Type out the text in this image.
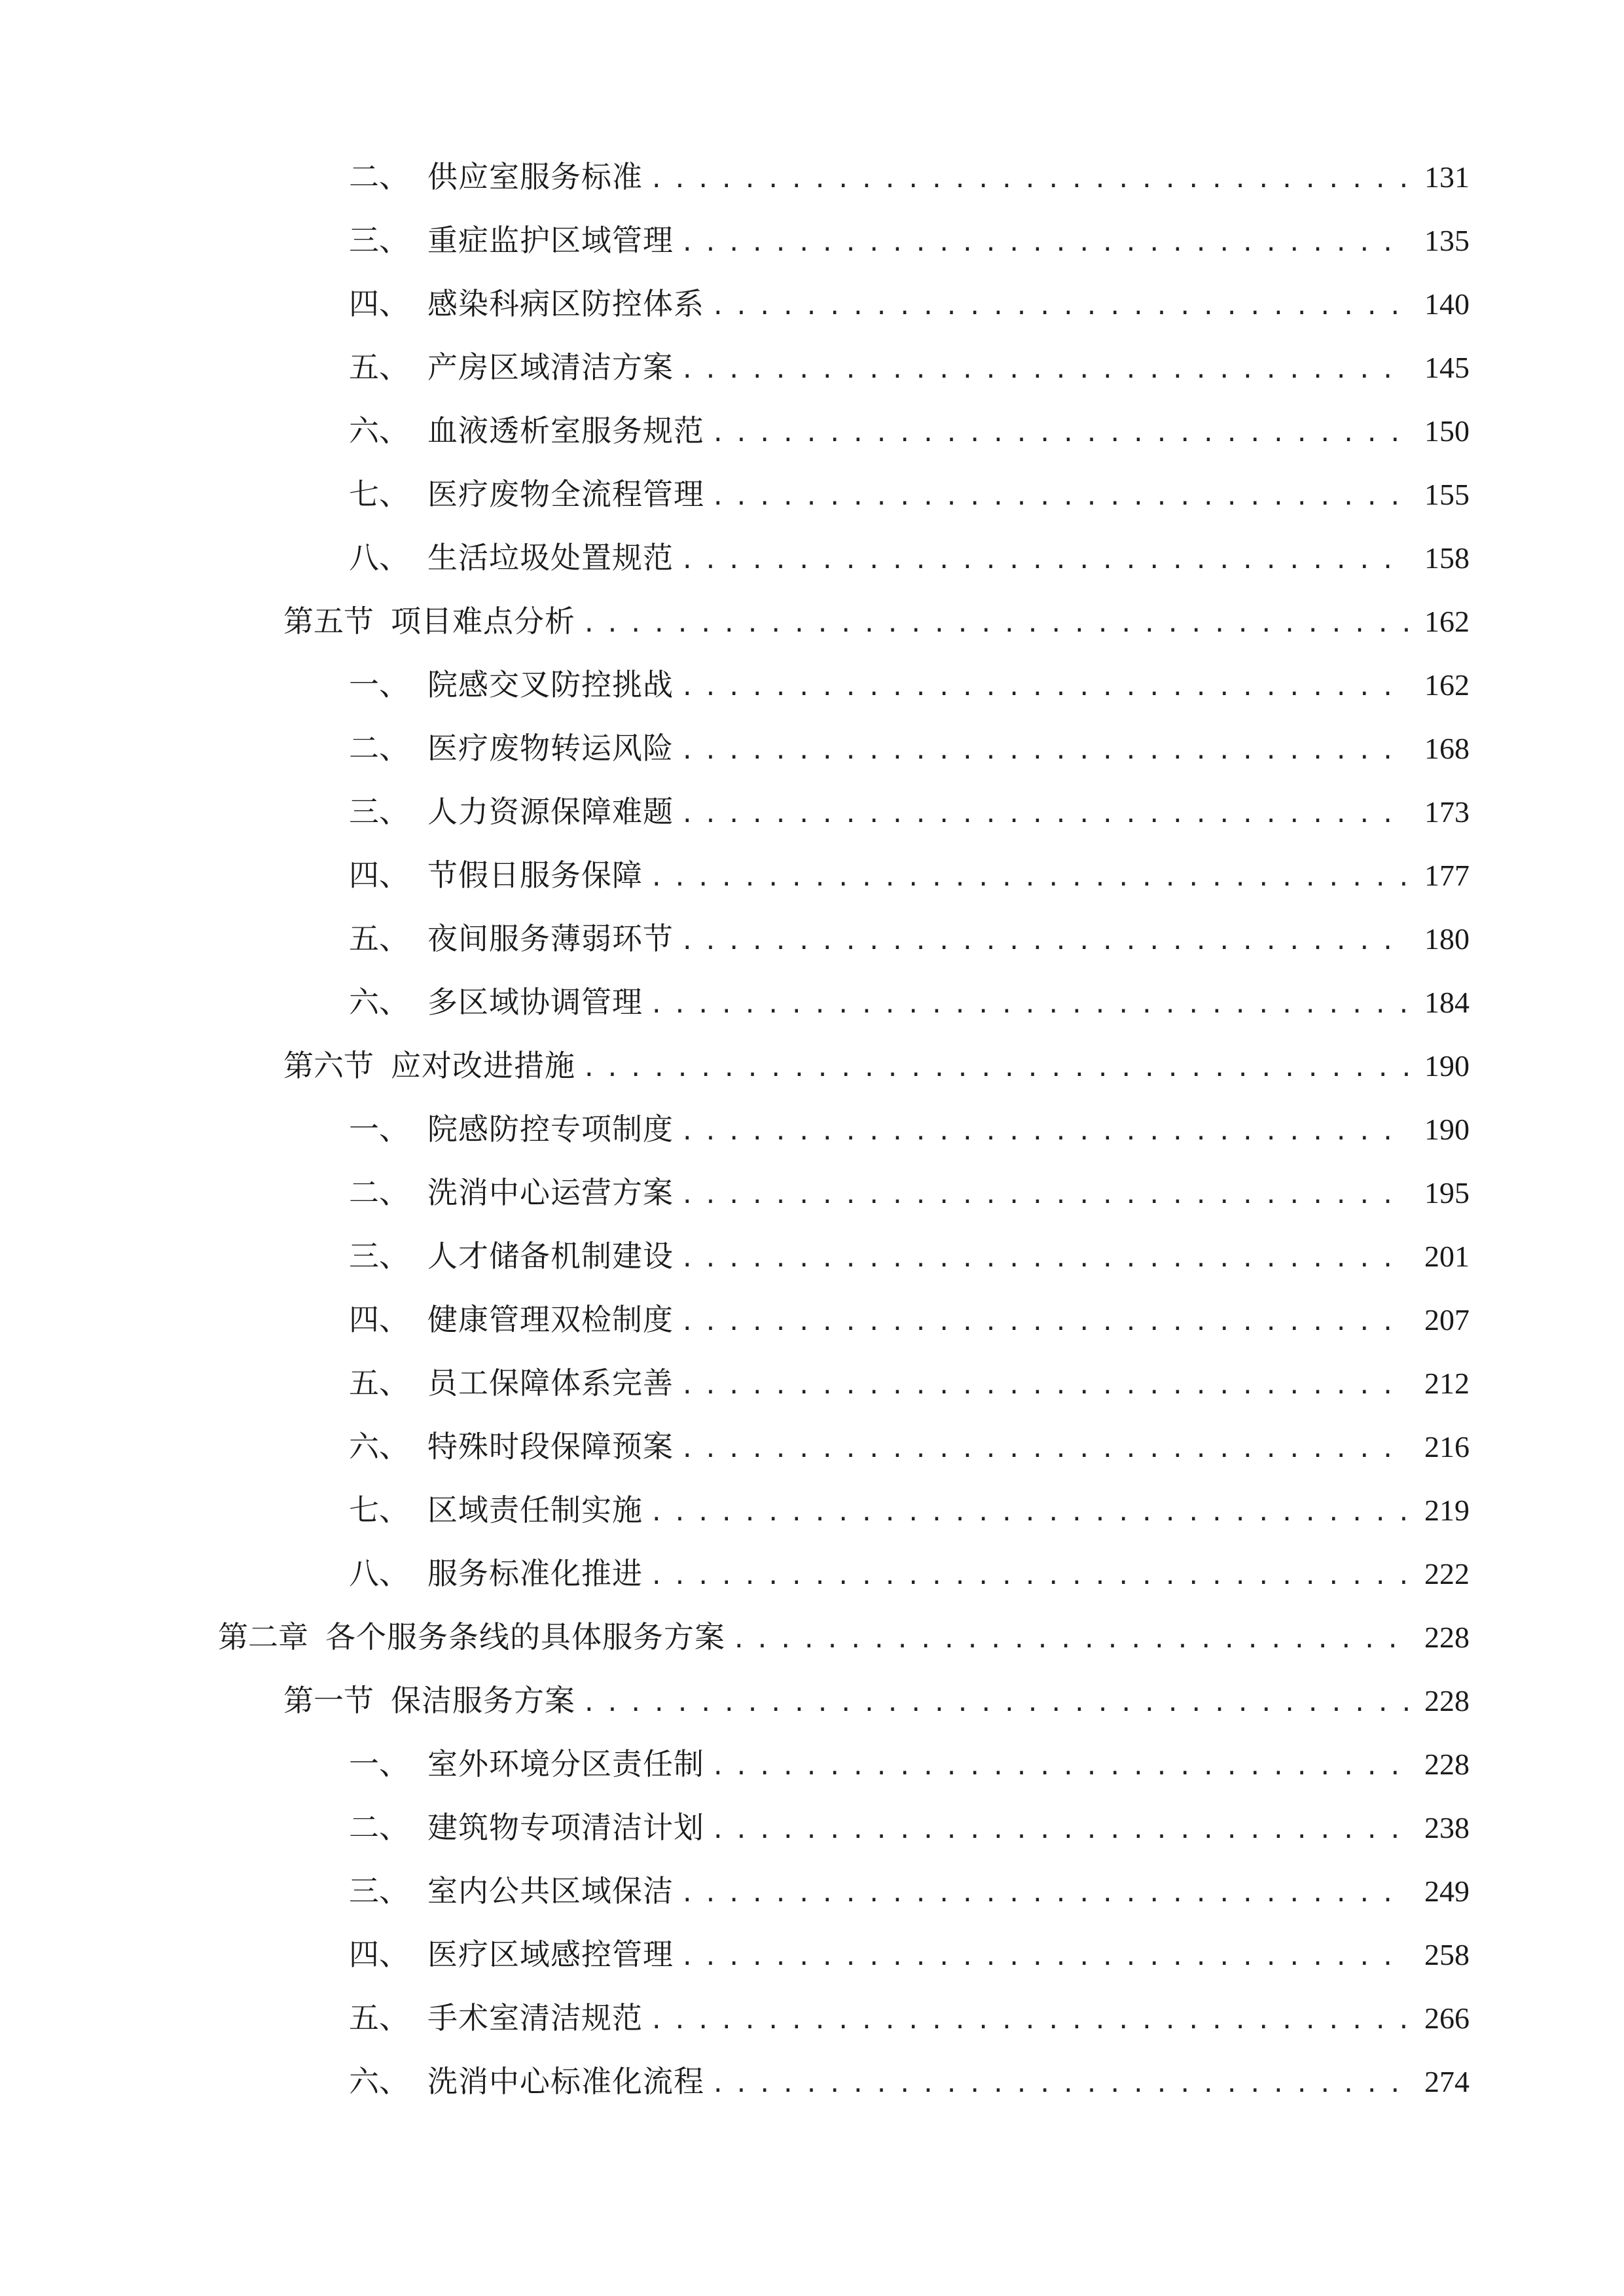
二、 供应室服务标准 .....	131
三、 重症监护区域管理 .....	135
四、 感染科病区防控体系 .....	140
五、 产房区域清洁方案 .....	145
六、 血液透析室服务规范 .....	150
七、 医疗废物全流程管理 .....	155
八、 生活垃圾处置规范 .....	158
第五节 项目难点分析 .....	162
一、 院感交叉防控挑战 .....	162
二、 医疗废物转运风险 .....	168
三、 人力资源保障难题 .....	173
四、 节假日服务保障 .....	177
五、 夜间服务薄弱环节 .....	180
六、 多区域协调管理 .....	184
第六节 应对改进措施 .....	190
一、 院感防控专项制度 .....	190
二、 洗消中心运营方案 .....	195
三、 人才储备机制建设 .....	201
四、 健康管理双检制度 .....	207
五、 员工保障体系完善 .....	212
六、 特殊时段保障预案 .....	216
七、 区域责任制实施 .....	219
八、 服务标准化推进 .....	222
第二章 各个服务条线的具体服务方案 .....	228
第一节 保洁服务方案 .....	228
一、 室外环境分区责任制 .....	228
二、 建筑物专项清洁计划 .....	238
三、 室内公共区域保洁 .....	249
四、 医疗区域感控管理 .....	258
五、 手术室清洁规范 .....	266
六、 洗消中心标准化流程 .....	274
